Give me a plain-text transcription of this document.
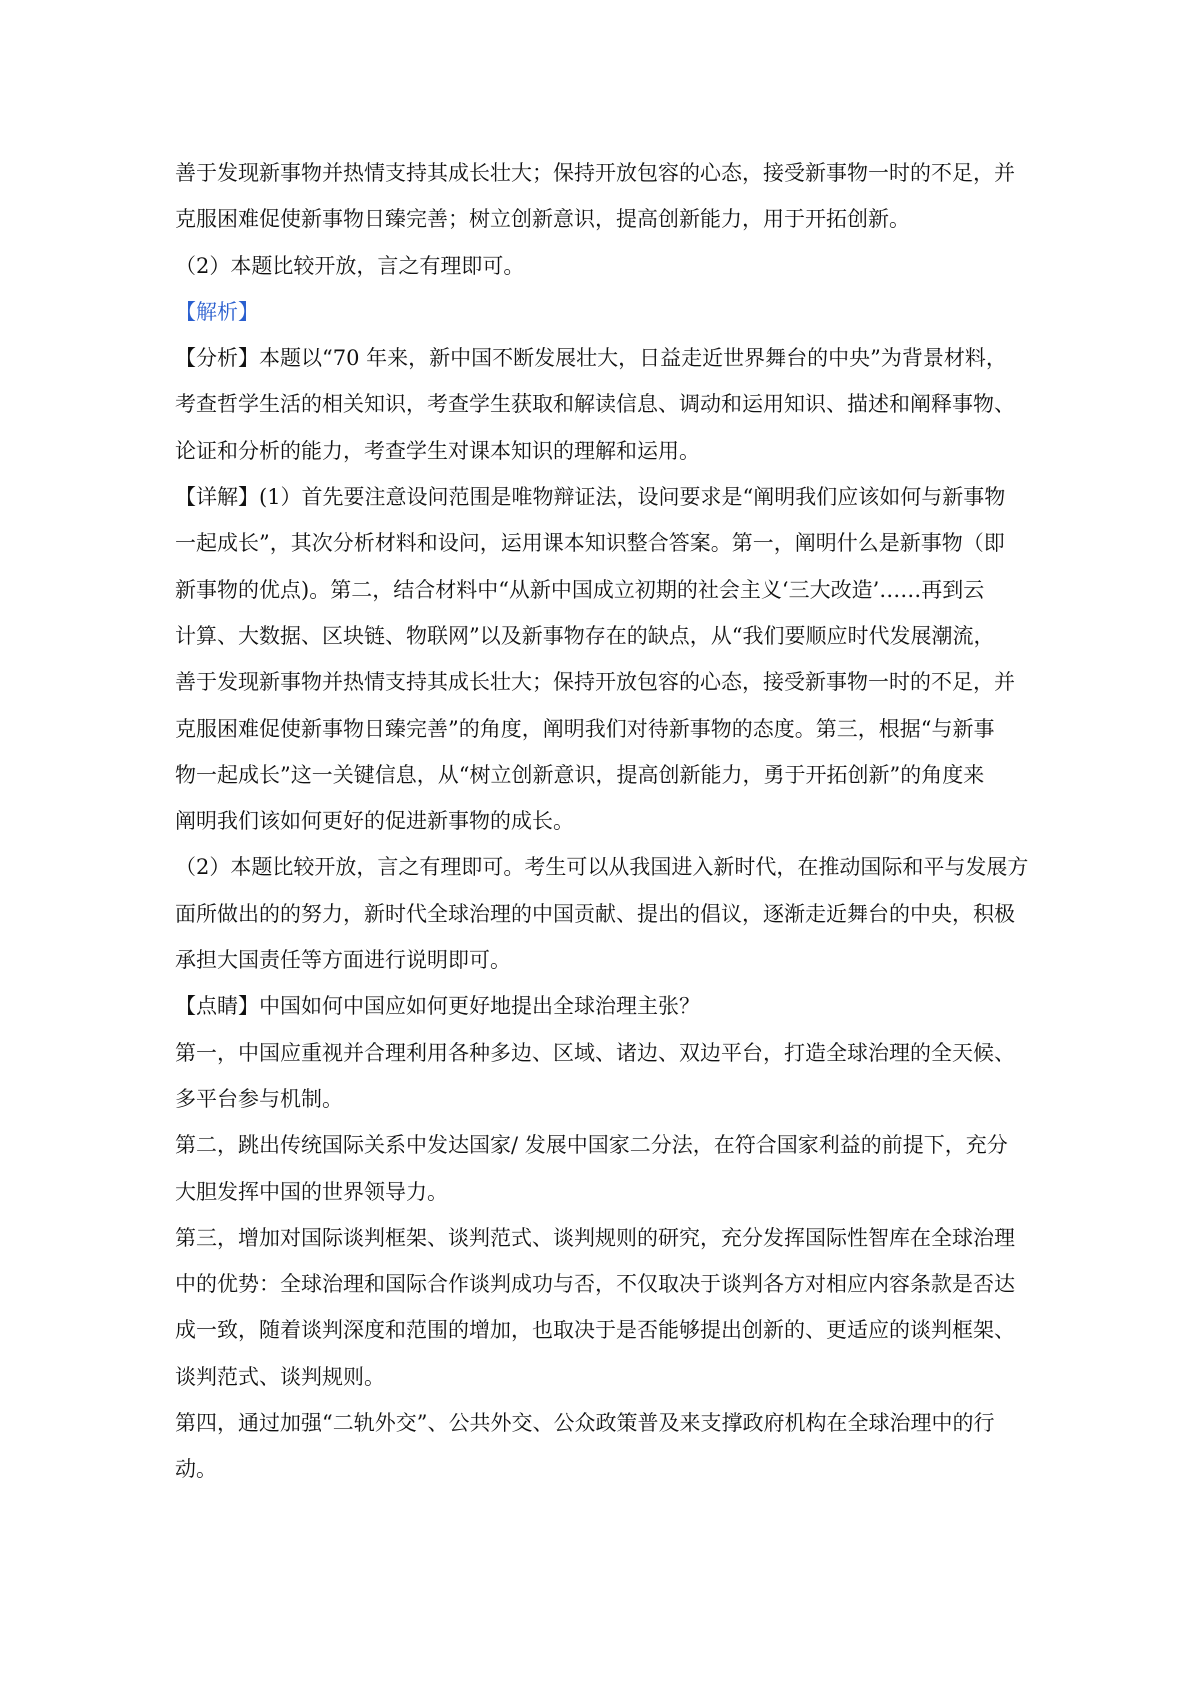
善于发现新事物并热情支持其成长壮大；保持开放包容的心态，接受新事物一时的不足，并
克服困难促使新事物日臻完善；树立创新意识，提高创新能力，用于开拓创新。
（2）本题比较开放，言之有理即可。
【解析】
【分析】本题以“70 年来，新中国不断发展壮大，日益走近世界舞台的中央”为背景材料，
考查哲学生活的相关知识，考查学生获取和解读信息、调动和运用知识、描述和阐释事物、
论证和分析的能力，考查学生对课本知识的理解和运用。
【详解】(1）首先要注意设问范围是唯物辩证法，设问要求是“阐明我们应该如何与新事物
一起成长”，其次分析材料和设问，运用课本知识整合答案。第一，阐明什么是新事物（即
新事物的优点)。第二，结合材料中“从新中国成立初期的社会主义‘三大改造’……再到云
计算、大数据、区块链、物联网”以及新事物存在的缺点，从“我们要顺应时代发展潮流，
善于发现新事物并热情支持其成长壮大；保持开放包容的心态，接受新事物一时的不足，并
克服困难促使新事物日臻完善”的角度，阐明我们对待新事物的态度。第三，根据“与新事
物一起成长”这一关键信息，从“树立创新意识，提高创新能力，勇于开拓创新”的角度来
阐明我们该如何更好的促进新事物的成长。
（2）本题比较开放，言之有理即可。考生可以从我国进入新时代，在推动国际和平与发展方
面所做出的的努力，新时代全球治理的中国贡献、提出的倡议，逐渐走近舞台的中央，积极
承担大国责任等方面进行说明即可。
【点睛】中国如何中国应如何更好地提出全球治理主张？
第一，中国应重视并合理利用各种多边、区域、诸边、双边平台，打造全球治理的全天候、
多平台参与机制。
第二，跳出传统国际关系中发达国家/ 发展中国家二分法，在符合国家利益的前提下，充分
大胆发挥中国的世界领导力。
第三，增加对国际谈判框架、谈判范式、谈判规则的研究，充分发挥国际性智库在全球治理
中的优势：全球治理和国际合作谈判成功与否，不仅取决于谈判各方对相应内容条款是否达
成一致，随着谈判深度和范围的增加，也取决于是否能够提出创新的、更适应的谈判框架、
谈判范式、谈判规则。
第四，通过加强“二轨外交”、公共外交、公众政策普及来支撑政府机构在全球治理中的行
动。
